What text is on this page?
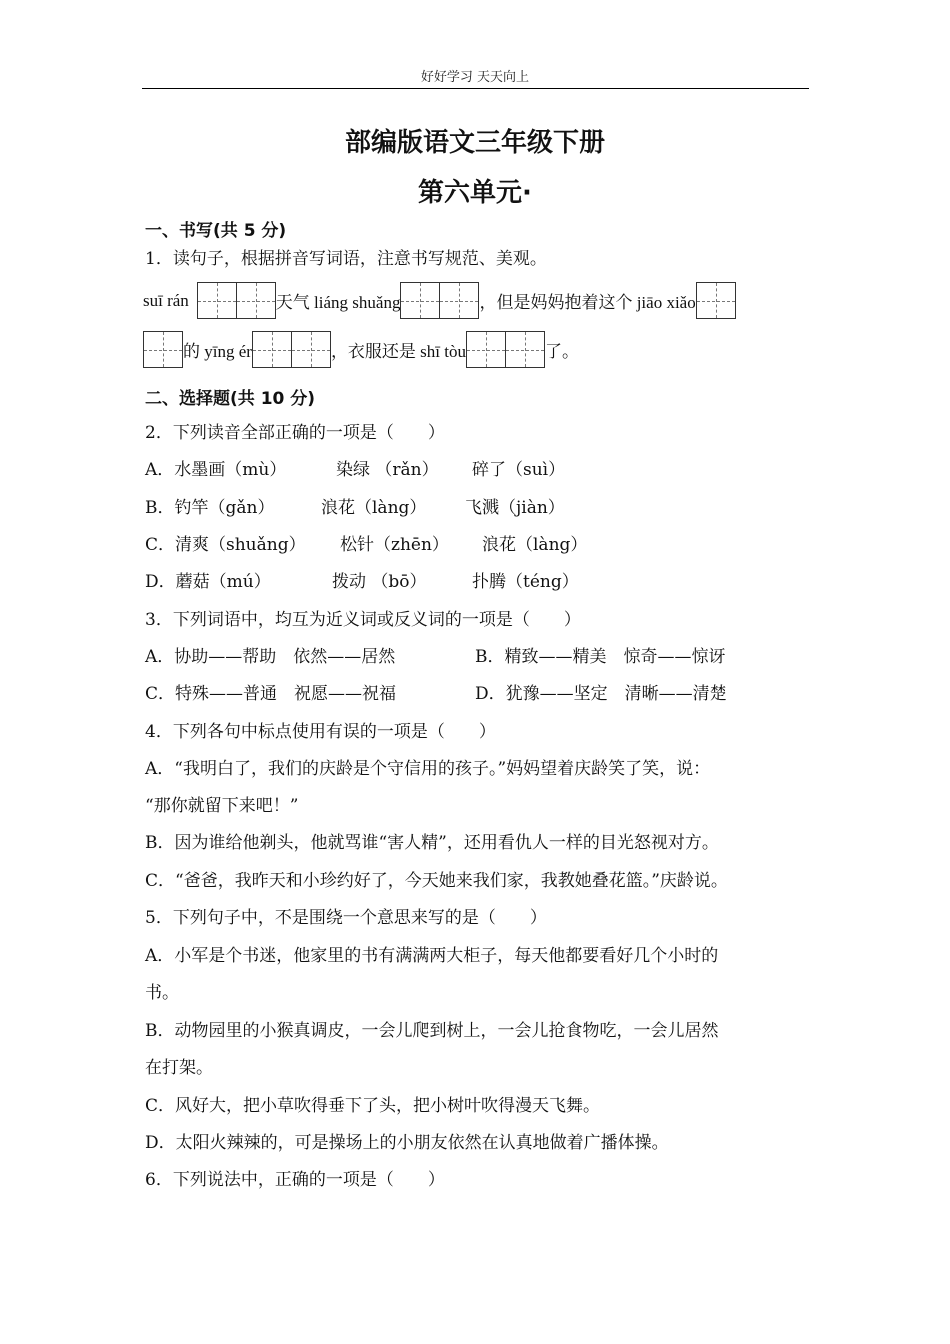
好好学习 天天向上
部编版语文三年级下册
第六单元·
一、书写(共 5 分)
1．读句子，根据拼音写词语，注意书写规范、美观。
suī rán	天气 liáng shuǎng	，但是妈妈抱着这个 jiāo xiǎo
的 yīng ér	，衣服还是 shī tòu	了。
二、选择题(共 10 分)
2．下列读音全部正确的一项是（　　）
A．水墨画（mù）	染绿 （rǎn） 碎了（suì）
B．钓竿（gǎn）	浪花（làng） 飞溅（jiàn）
C．清爽（shuǎng） 松针（zhēn） 浪花（làng）
D．蘑菇（mú）	拨动 （bō）	扑腾（téng）
3．下列词语中，均互为近义词或反义词的一项是（　　）
A．协助——帮助　依然——居然	B．精致——精美　惊奇——惊讶
C．特殊——普通　祝愿——祝福	D．犹豫——坚定　清晰——清楚
4．下列各句中标点使用有误的一项是（　　）
A．“我明白了，我们的庆龄是个守信用的孩子。”妈妈望着庆龄笑了笑，说：
“那你就留下来吧！”
B．因为谁给他剃头，他就骂谁“害人精”，还用看仇人一样的目光怒视对方。
C．“爸爸，我昨天和小珍约好了，今天她来我们家，我教她叠花篮。”庆龄说。
5．下列句子中，不是围绕一个意思来写的是（　　）
A．小军是个书迷，他家里的书有满满两大柜子，每天他都要看好几个小时的
书。
B．动物园里的小猴真调皮，一会儿爬到树上，一会儿抢食物吃，一会儿居然
在打架。
C．风好大，把小草吹得垂下了头，把小树叶吹得漫天飞舞。
D．太阳火辣辣的，可是操场上的小朋友依然在认真地做着广播体操。
6．下列说法中，正确的一项是（　　）
